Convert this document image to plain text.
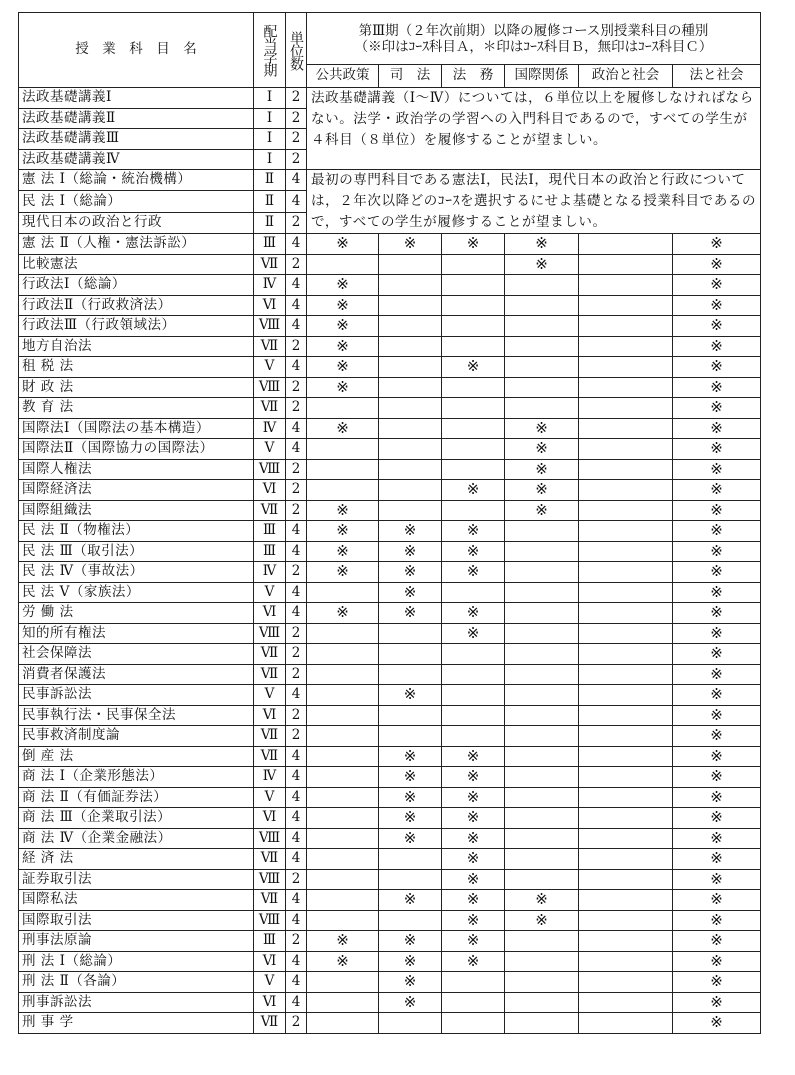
授　業　科　目　名	配当学期	単位数	第Ⅲ期（２年次前期）以降の履修コース別授業科目の種別
（※印はｺｰｽ科目Ａ，＊印はｺｰｽ科目Ｂ，無印はｺｰｽ科目Ｃ）					

			公共政策	司　法	法　務	国際関係	政治と社会	法と社会
法政基礎講義Ⅰ	Ⅰ	2	法政基礎講義（Ⅰ～Ⅳ）については，６単位以上を履修しなければならない。法学・政治学の学習への入門科目であるので，すべての学生が４科目（８単位）を履修することが望ましい。					
法政基礎講義Ⅱ	Ⅰ	2						
法政基礎講義Ⅲ	Ⅰ	2						
法政基礎講義Ⅳ	Ⅰ	2						
憲 法 Ⅰ（総論・統治機構）	Ⅱ	4	最初の専門科目である憲法Ⅰ，民法Ⅰ，現代日本の政治と行政については，２年次以降どのｺｰｽを選択するにせよ基礎となる授業科目であるので，すべての学生が履修することが望ましい。					
民 法 Ⅰ（総論）	Ⅱ	4						
現代日本の政治と行政	Ⅱ	2						
憲 法 Ⅱ（人権・憲法訴訟）	Ⅲ	4	※	※	※	※		※
比較憲法	Ⅶ	2				※		※
行政法Ⅰ（総論）	Ⅳ	4	※					※
行政法Ⅱ（行政救済法）	Ⅵ	4	※					※
行政法Ⅲ（行政領域法）	Ⅷ	4	※					※
地方自治法	Ⅶ	2	※					※
租 税 法	Ⅴ	4	※		※			※
財 政 法	Ⅷ	2	※					※
教 育 法	Ⅶ	2						※
国際法Ⅰ（国際法の基本構造）	Ⅳ	4	※			※		※
国際法Ⅱ（国際協力の国際法）	Ⅴ	4				※		※
国際人権法	Ⅷ	2				※		※
国際経済法	Ⅵ	2			※	※		※
国際組織法	Ⅶ	2	※			※		※
民 法 Ⅱ（物権法）	Ⅲ	4	※	※	※			※
民 法 Ⅲ（取引法）	Ⅲ	4	※	※	※			※
民 法 Ⅳ（事故法）	Ⅳ	2	※	※	※			※
民 法 Ⅴ（家族法）	Ⅴ	4		※				※
労 働 法	Ⅵ	4	※	※	※			※
知的所有権法	Ⅷ	2			※			※
社会保障法	Ⅶ	2						※
消費者保護法	Ⅶ	2						※
民事訴訟法	Ⅴ	4		※				※
民事執行法・民事保全法	Ⅵ	2						※
民事救済制度論	Ⅶ	2						※
倒 産 法	Ⅶ	4		※	※			※
商 法 Ⅰ（企業形態法）	Ⅳ	4		※	※			※
商 法 Ⅱ（有価証券法）	Ⅴ	4		※	※			※
商 法 Ⅲ（企業取引法）	Ⅵ	4		※	※			※
商 法 Ⅳ（企業金融法）	Ⅷ	4		※	※			※
経 済 法	Ⅶ	4			※			※
証券取引法	Ⅷ	2			※			※
国際私法	Ⅶ	4		※	※	※		※
国際取引法	Ⅷ	4			※	※		※
刑事法原論	Ⅲ	2	※	※	※			※
刑 法 Ⅰ（総論）	Ⅵ	4	※	※	※			※
刑 法 Ⅱ（各論）	Ⅴ	4		※				※
刑事訴訟法	Ⅵ	4		※				※
刑 事 学	Ⅶ	2						※
